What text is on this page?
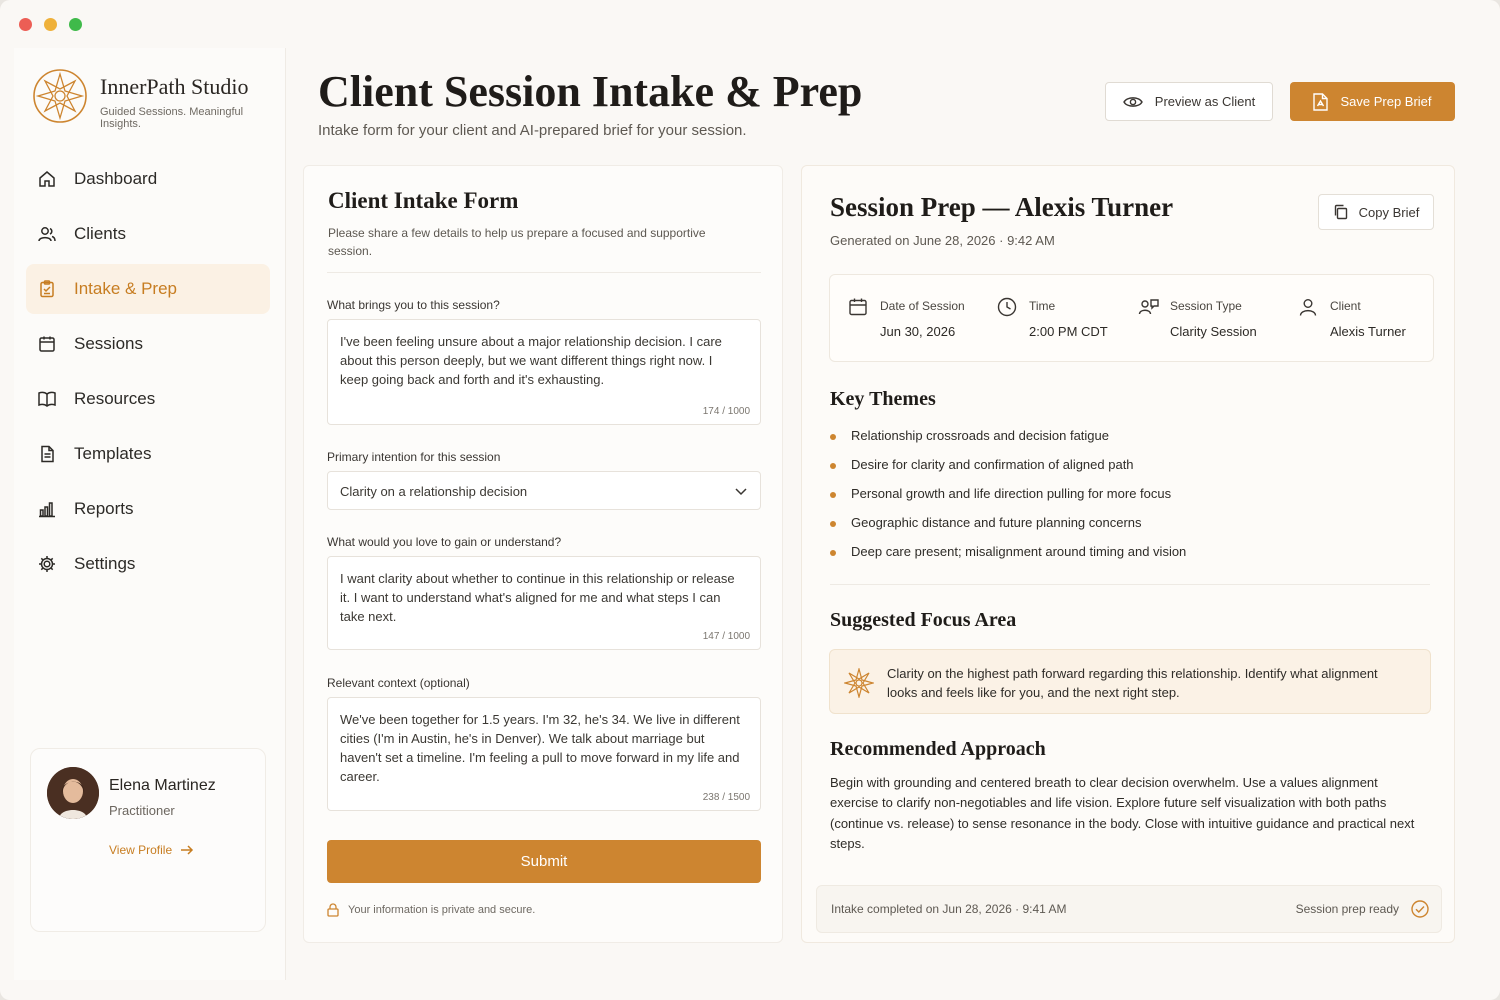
InnerPath Studio
Guided Sessions. Meaningful Insights.
Dashboard
Clients
Intake & Prep
Sessions
Resources
Templates
Reports
Settings
Elena Martinez
Practitioner
View Profile
Client Session Intake & Prep
Intake form for your client and AI-prepared brief for your session.
Preview as Client	Save Prep Brief
Client Intake Form

Please share a few details to help us prepare a focused and supportive session.

What brings you to this session?
I've been feeling unsure about a major relationship decision. I care about this person deeply, but we want different things right now. I keep going back and forth and it's exhausting.
174 / 1000
Primary intention for this session
Clarity on a relationship decision
What would you love to gain or understand?
I want clarity about whether to continue in this relationship or release it. I want to understand what's aligned for me and what steps I can take next.
147 / 1000
Relevant context (optional)
We've been together for 1.5 years. I'm 32, he's 34. We live in different cities (I'm in Austin, he's in Denver). We talk about marriage but haven't set a timeline. I'm feeling a pull to move forward in my life and career.
238 / 1500
Submit
Your information is private and secure.
Session Prep — Alexis Turner
Generated on June 28, 2026 · 9:42 AM
Copy Brief
Date of Session
Jun 30, 2026
Time
2:00 PM CDT
Session Type
Clarity Session
Client
Alexis Turner
Key Themes
Relationship crossroads and decision fatigue
Desire for clarity and confirmation of aligned path
Personal growth and life direction pulling for more focus
Geographic distance and future planning concerns
Deep care present; misalignment around timing and vision
Suggested Focus Area
Clarity on the highest path forward regarding this relationship. Identify what alignment looks and feels like for you, and the next right step.
Recommended Approach

Begin with grounding and centered breath to clear decision overwhelm. Use a values alignment exercise to clarify non-negotiables and life vision. Explore future self visualization with both paths (continue vs. release) to sense resonance in the body. Close with intuitive guidance and practical next steps.

Intake completed on Jun 28, 2026 · 9:41 AM	Session prep ready
